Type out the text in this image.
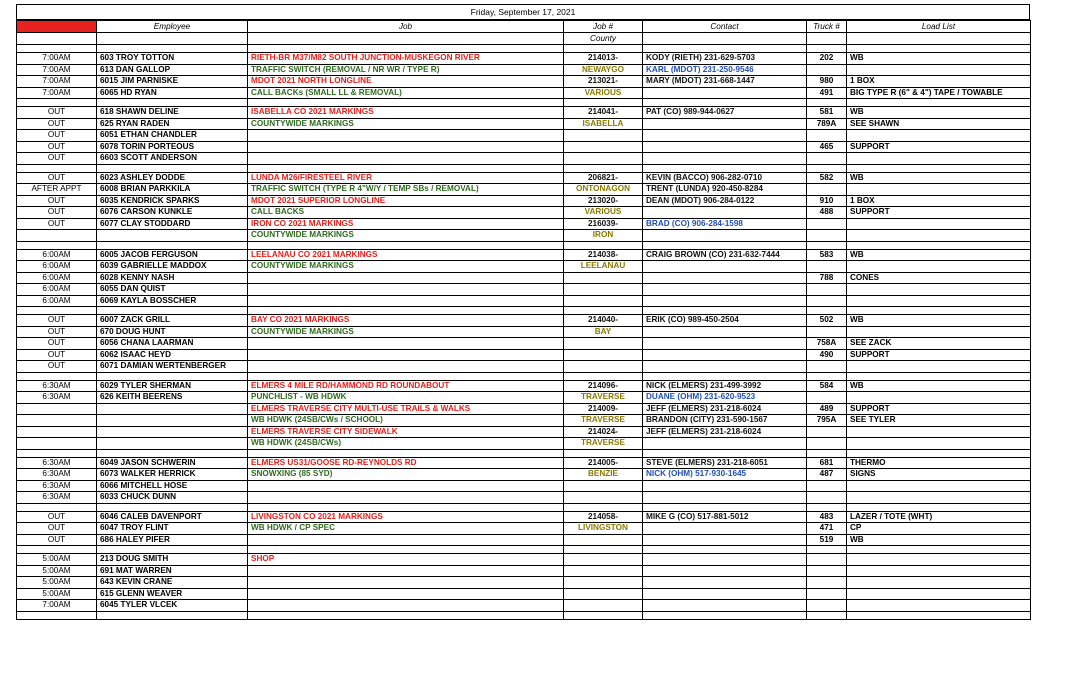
Friday, September 17, 2021
Time	Employee	Job	Job #	Contact	Truck #	Load List
			County			

7:00AM	603 TROY TOTTON	RIETH-BR M37/M82 SOUTH JUNCTION-MUSKEGON RIVER	214013-	KODY (RIETH) 231-629-5703	202	WB
7:00AM	613 DAN GALLOP	TRAFFIC SWITCH (REMOVAL / NR WR / TYPE R)	NEWAYGO	KARL (MDOT) 231-250-9546		
7:00AM	6015 JIM PARNISKE	MDOT 2021 NORTH LONGLINE	213021-	MARY (MDOT) 231-668-1447	980	1 BOX
7:00AM	6065 HD RYAN	CALL BACKs (SMALL LL & REMOVAL)	VARIOUS		491	BIG TYPE R (6" & 4") TAPE / TOWABLE

OUT	618 SHAWN DELINE	ISABELLA CO 2021 MARKINGS	214041-	PAT (CO) 989-944-0627	581	WB
OUT	625 RYAN RADEN	COUNTYWIDE MARKINGS	ISABELLA		789A	SEE SHAWN
OUT	6051 ETHAN CHANDLER					
OUT	6078 TORIN PORTEOUS				465	SUPPORT
OUT	6603 SCOTT ANDERSON					

OUT	6023 ASHLEY DODDE	LUNDA M26/FIRESTEEL RIVER	206821-	KEVIN (BACCO) 906-282-0710	582	WB
AFTER APPT	6008 BRIAN PARKKILA	TRAFFIC SWITCH (TYPE R 4"W/Y / TEMP SBs / REMOVAL)	ONTONAGON	TRENT (LUNDA) 920-450-8284		
OUT	6035 KENDRICK SPARKS	MDOT 2021 SUPERIOR LONGLINE	213020-	DEAN (MDOT) 906-284-0122	910	1 BOX
OUT	6076 CARSON KUNKLE	CALL BACKS	VARIOUS		488	SUPPORT
OUT	6077 CLAY STODDARD	IRON CO 2021 MARKINGS	216039-	BRAD (CO) 906-284-1598		
		COUNTYWIDE MARKINGS	IRON			

6:00AM	6005 JACOB FERGUSON	LEELANAU CO 2021 MARKINGS	214038-	CRAIG BROWN (CO) 231-632-7444	583	WB
6:00AM	6039 GABRIELLE MADDOX	COUNTYWIDE MARKINGS	LEELANAU			
6:00AM	6028 KENNY NASH				788	CONES
6:00AM	6055 DAN QUIST					
6:00AM	6069 KAYLA BOSSCHER					

OUT	6007 ZACK GRILL	BAY CO 2021 MARKINGS	214040-	ERIK (CO) 989-450-2504	502	WB
OUT	670 DOUG HUNT	COUNTYWIDE MARKINGS	BAY			
OUT	6056 CHANA LAARMAN				758A	SEE ZACK
OUT	6062 ISAAC HEYD				490	SUPPORT
OUT	6071 DAMIAN WERTENBERGER					

6:30AM	6029 TYLER SHERMAN	ELMERS 4 MILE RD/HAMMOND RD ROUNDABOUT	214096-	NICK (ELMERS) 231-499-3992	584	WB
6:30AM	626 KEITH BEERENS	PUNCHLIST - WB HDWK	TRAVERSE	DUANE (OHM) 231-620-9523		
		ELMERS TRAVERSE CITY MULTI-USE TRAILS & WALKS	214009-	JEFF (ELMERS) 231-218-6024	489	SUPPORT
		WB HDWK (24SB/CWs / SCHOOL)	TRAVERSE	BRANDON (CITY) 231-590-1567	795A	SEE TYLER
		ELMERS TRAVERSE CITY SIDEWALK	214024-	JEFF (ELMERS) 231-218-6024		
		WB HDWK (24SB/CWs)	TRAVERSE			

6:30AM	6049 JASON SCHWERIN	ELMERS US31/GOOSE RD-REYNOLDS RD	214005-	STEVE (ELMERS) 231-218-6051	681	THERMO
6:30AM	6073 WALKER HERRICK	SNOWXING (85 SYD)	BENZIE	NICK (OHM) 517-930-1645	487	SIGNS
6:30AM	6066 MITCHELL HOSE					
6:30AM	6033 CHUCK DUNN					

OUT	6046 CALEB DAVENPORT	LIVINGSTON CO 2021 MARKINGS	214058-	MIKE G (CO) 517-881-5012	483	LAZER / TOTE (WHT)
OUT	6047 TROY FLINT	WB HDWK / CP SPEC	LIVINGSTON		471	CP
OUT	686 HALEY PIFER				519	WB

5:00AM	213 DOUG SMITH	SHOP				
5:00AM	691 MAT WARREN					
5:00AM	643 KEVIN CRANE					
5:00AM	615 GLENN WEAVER					
7:00AM	6045 TYLER VLCEK					
